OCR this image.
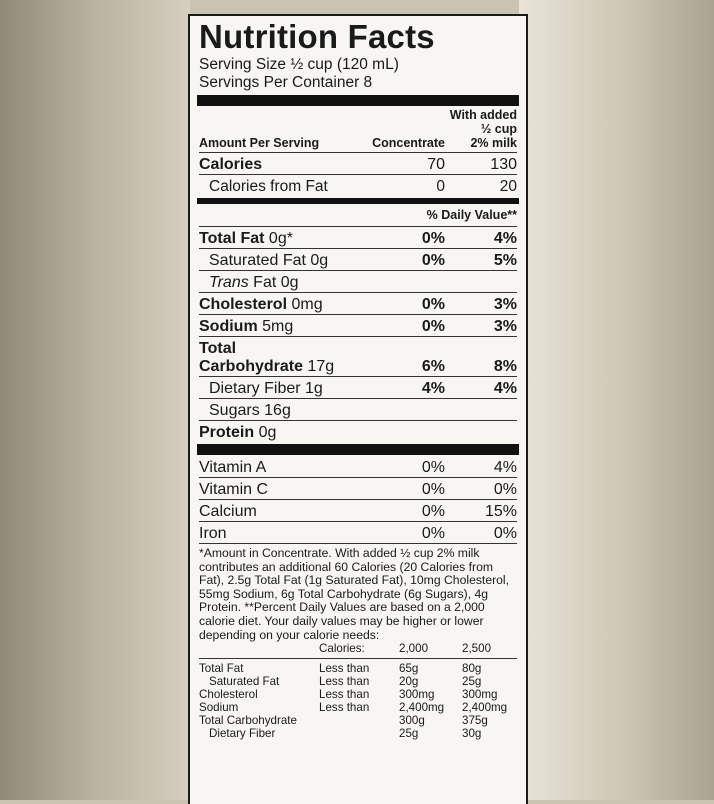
Nutrition Facts
Serving Size ½ cup (120 mL)
Servings Per Container 8
Amount Per Serving	Concentrate
With added
½ cup
2% milk
Calories	70	130
Calories from Fat	0	20
% Daily Value**
Total Fat 0g*	0%	4%
Saturated Fat 0g	0%	5%
Trans Fat 0g
Cholesterol 0mg	0%	3%
Sodium 5mg	0%	3%
Total
Carbohydrate 17g	6%	8%
Dietary Fiber 1g	4%	4%
Sugars 16g
Protein 0g
Vitamin A	0%	4%
Vitamin C	0%	0%
Calcium	0%	15%
Iron	0%	0%
*Amount in Concentrate. With added ½ cup 2% milk contributes an additional 60 Calories (20 Calories from Fat), 2.5g Total Fat (1g Saturated Fat), 10mg Cholesterol, 55mg Sodium, 6g Total Carbohydrate (6g Sugars), 4g Protein. **Percent Daily Values are based on a 2,000 calorie diet. Your daily values may be higher or lower depending on your calorie needs:
	Calories:	2,000	2,500

Total Fat	Less than	65g	80g
Saturated Fat	Less than	20g	25g
Cholesterol	Less than	300mg	300mg
Sodium	Less than	2,400mg	2,400mg
Total Carbohydrate		300g	375g
Dietary Fiber		25g	30g
